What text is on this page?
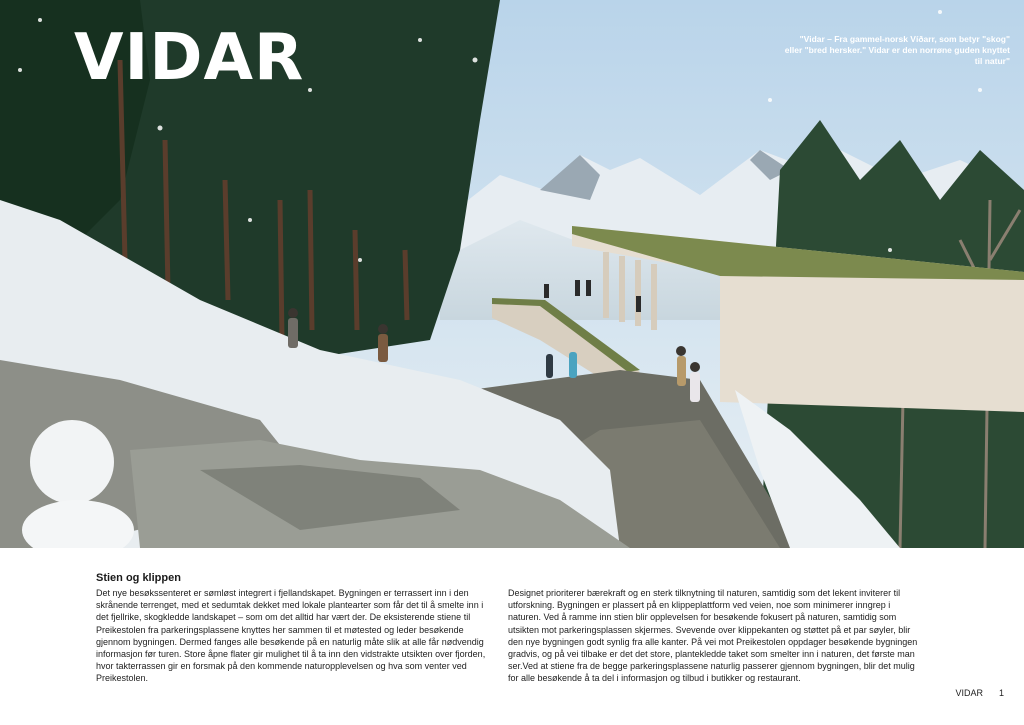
VIDAR	"Vidar – Fra gammel-norsk Víðarr, som betyr "skog" eller "bred hersker." Vidar er den norrøne guden knyttet til natur"

Stien og klippen

Det nye besøkssenteret er sømløst integrert i fjellandskapet. Bygningen er terrassert inn i den skrånende terrenget, med et sedumtak dekket med lokale plantearter som får det til å smelte inn i det fjellrike, skogkledde landskapet – som om det alltid har vært der. De eksisterende stiene til Preikestolen fra parkeringsplassene knyttes her sammen til et møtested og leder besøkende gjennom bygningen. Dermed fanges alle besøkende på en naturlig måte slik at alle får nødvendig informasjon før turen. Store åpne flater gir mulighet til å ta inn den vidstrakte utsikten over fjorden, hvor takterrassen gir en forsmak på den kommende naturopplevelsen og hva som venter ved Preikestolen.

Designet prioriterer bærekraft og en sterk tilknytning til naturen, samtidig som det lekent inviterer til utforskning. Bygningen er plassert på en klippeplattform ved veien, noe som minimerer inngrep i naturen. Ved å ramme inn stien blir opplevelsen for besøkende fokusert på naturen, samtidig som utsikten mot parkeringsplassen skjermes. Svevende over klippekanten og støttet på et par søyler, blir den nye bygningen godt synlig fra alle kanter. På vei mot Preikestolen oppdager besøkende bygningen gradvis, og på vei tilbake er det det store, plantekledde taket som smelter inn i naturen, det første man ser.Ved at stiene fra de begge parkeringsplassene naturlig passerer gjennom bygningen, blir det mulig for alle besøkende å ta del i informasjon og tilbud i butikker og restaurant.

VIDAR 1
